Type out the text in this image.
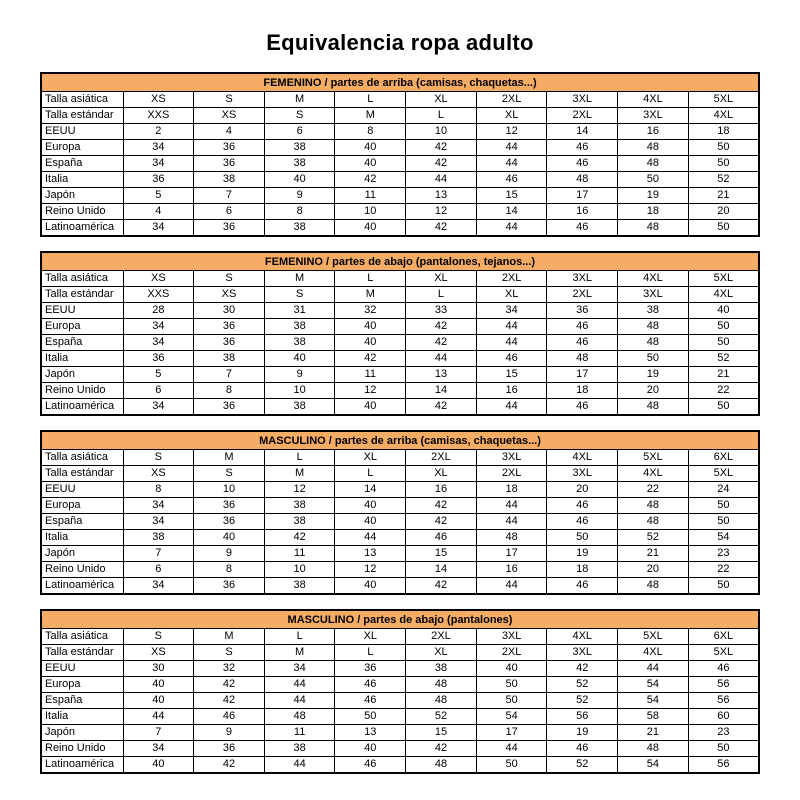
Equivalencia ropa adulto
FEMENINO / partes de arriba (camisas, chaquetas...)									
Talla asiática	XS	S	M	L	XL	2XL	3XL	4XL	5XL
Talla estándar	XXS	XS	S	M	L	XL	2XL	3XL	4XL
EEUU	2	4	6	8	10	12	14	16	18
Europa	34	36	38	40	42	44	46	48	50
España	34	36	38	40	42	44	46	48	50
Italia	36	38	40	42	44	46	48	50	52
Japón	5	7	9	11	13	15	17	19	21
Reino Unido	4	6	8	10	12	14	16	18	20
Latinoamérica	34	36	38	40	42	44	46	48	50
FEMENINO / partes de abajo (pantalones, tejanos...)									
Talla asiática	XS	S	M	L	XL	2XL	3XL	4XL	5XL
Talla estándar	XXS	XS	S	M	L	XL	2XL	3XL	4XL
EEUU	28	30	31	32	33	34	36	38	40
Europa	34	36	38	40	42	44	46	48	50
España	34	36	38	40	42	44	46	48	50
Italia	36	38	40	42	44	46	48	50	52
Japón	5	7	9	11	13	15	17	19	21
Reino Unido	6	8	10	12	14	16	18	20	22
Latinoamérica	34	36	38	40	42	44	46	48	50
MASCULINO / partes de arriba (camisas, chaquetas...)									
Talla asiática	S	M	L	XL	2XL	3XL	4XL	5XL	6XL
Talla estándar	XS	S	M	L	XL	2XL	3XL	4XL	5XL
EEUU	8	10	12	14	16	18	20	22	24
Europa	34	36	38	40	42	44	46	48	50
España	34	36	38	40	42	44	46	48	50
Italia	38	40	42	44	46	48	50	52	54
Japón	7	9	11	13	15	17	19	21	23
Reino Unido	6	8	10	12	14	16	18	20	22
Latinoamérica	34	36	38	40	42	44	46	48	50
MASCULINO / partes de abajo (pantalones)									
Talla asiática	S	M	L	XL	2XL	3XL	4XL	5XL	6XL
Talla estándar	XS	S	M	L	XL	2XL	3XL	4XL	5XL
EEUU	30	32	34	36	38	40	42	44	46
Europa	40	42	44	46	48	50	52	54	56
España	40	42	44	46	48	50	52	54	56
Italia	44	46	48	50	52	54	56	58	60
Japón	7	9	11	13	15	17	19	21	23
Reino Unido	34	36	38	40	42	44	46	48	50
Latinoamérica	40	42	44	46	48	50	52	54	56
